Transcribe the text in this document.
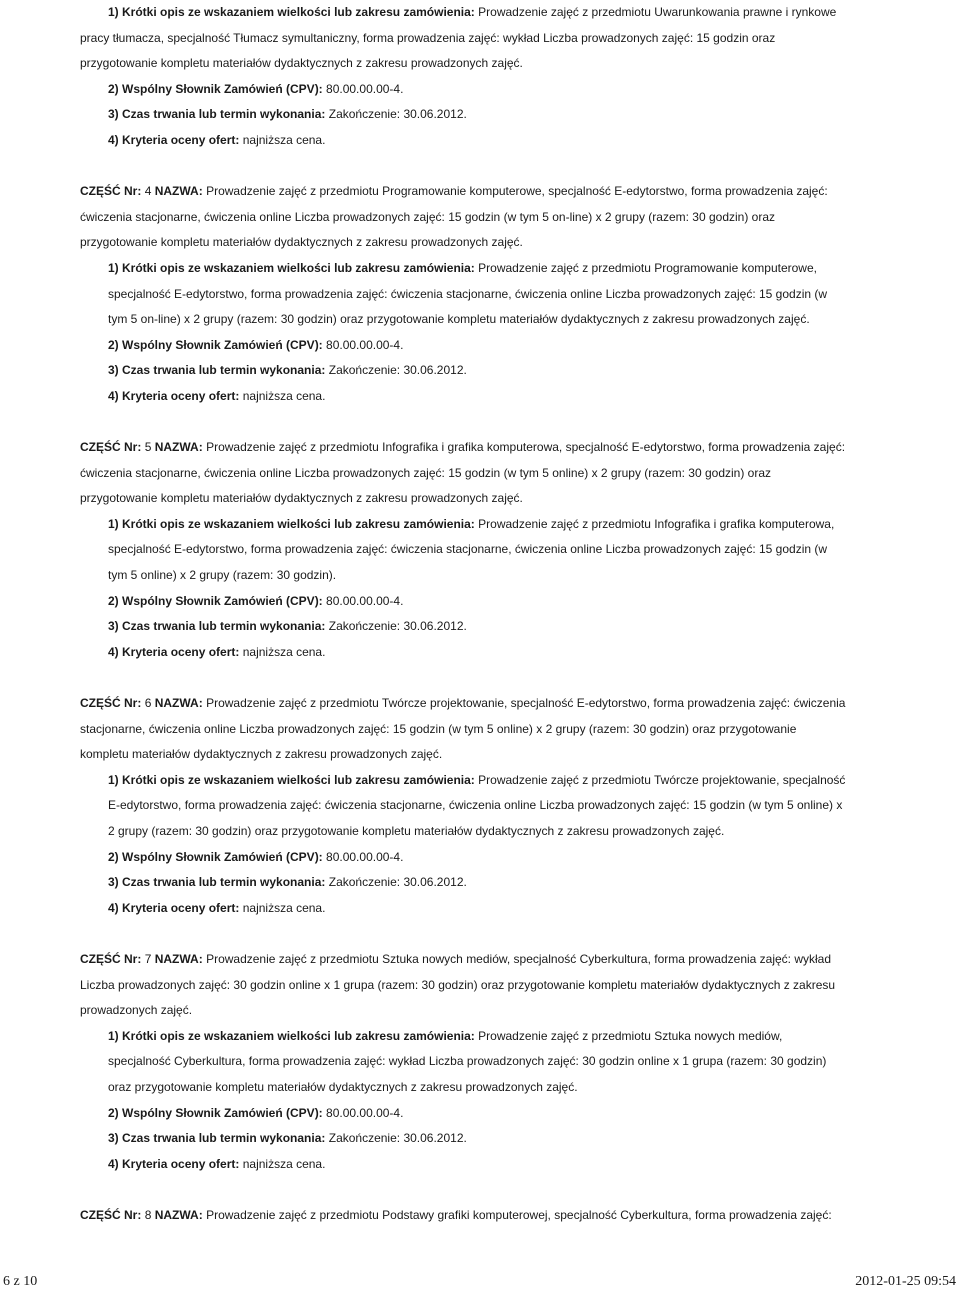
1) Krótki opis ze wskazaniem wielkości lub zakresu zamówienia: Prowadzenie zajęć z przedmiotu Uwarunkowania prawne i rynkowe

pracy tłumacza, specjalność Tłumacz symultaniczny, forma prowadzenia zajęć: wykład Liczba prowadzonych zajęć: 15 godzin oraz

przygotowanie kompletu materiałów dydaktycznych z zakresu prowadzonych zajęć.

2) Wspólny Słownik Zamówień (CPV): 80.00.00.00-4.

3) Czas trwania lub termin wykonania: Zakończenie: 30.06.2012.

4) Kryteria oceny ofert: najniższa cena.

CZĘŚĆ Nr: 4 NAZWA: Prowadzenie zajęć z przedmiotu Programowanie komputerowe, specjalność E-edytorstwo, forma prowadzenia zajęć:

ćwiczenia stacjonarne, ćwiczenia online Liczba prowadzonych zajęć: 15 godzin (w tym 5 on-line) x 2 grupy (razem: 30 godzin) oraz

przygotowanie kompletu materiałów dydaktycznych z zakresu prowadzonych zajęć.

1) Krótki opis ze wskazaniem wielkości lub zakresu zamówienia: Prowadzenie zajęć z przedmiotu Programowanie komputerowe,

specjalność E-edytorstwo, forma prowadzenia zajęć: ćwiczenia stacjonarne, ćwiczenia online Liczba prowadzonych zajęć: 15 godzin (w

tym 5 on-line) x 2 grupy (razem: 30 godzin) oraz przygotowanie kompletu materiałów dydaktycznych z zakresu prowadzonych zajęć.

2) Wspólny Słownik Zamówień (CPV): 80.00.00.00-4.

3) Czas trwania lub termin wykonania: Zakończenie: 30.06.2012.

4) Kryteria oceny ofert: najniższa cena.

CZĘŚĆ Nr: 5 NAZWA: Prowadzenie zajęć z przedmiotu Infografika i grafika komputerowa, specjalność E-edytorstwo, forma prowadzenia zajęć:

ćwiczenia stacjonarne, ćwiczenia online Liczba prowadzonych zajęć: 15 godzin (w tym 5 online) x 2 grupy (razem: 30 godzin) oraz

przygotowanie kompletu materiałów dydaktycznych z zakresu prowadzonych zajęć.

1) Krótki opis ze wskazaniem wielkości lub zakresu zamówienia: Prowadzenie zajęć z przedmiotu Infografika i grafika komputerowa,

specjalność E-edytorstwo, forma prowadzenia zajęć: ćwiczenia stacjonarne, ćwiczenia online Liczba prowadzonych zajęć: 15 godzin (w

tym 5 online) x 2 grupy (razem: 30 godzin).

2) Wspólny Słownik Zamówień (CPV): 80.00.00.00-4.

3) Czas trwania lub termin wykonania: Zakończenie: 30.06.2012.

4) Kryteria oceny ofert: najniższa cena.

CZĘŚĆ Nr: 6 NAZWA: Prowadzenie zajęć z przedmiotu Twórcze projektowanie, specjalność E-edytorstwo, forma prowadzenia zajęć: ćwiczenia

stacjonarne, ćwiczenia online Liczba prowadzonych zajęć: 15 godzin (w tym 5 online) x 2 grupy (razem: 30 godzin) oraz przygotowanie

kompletu materiałów dydaktycznych z zakresu prowadzonych zajęć.

1) Krótki opis ze wskazaniem wielkości lub zakresu zamówienia: Prowadzenie zajęć z przedmiotu Twórcze projektowanie, specjalność

E-edytorstwo, forma prowadzenia zajęć: ćwiczenia stacjonarne, ćwiczenia online Liczba prowadzonych zajęć: 15 godzin (w tym 5 online) x

2 grupy (razem: 30 godzin) oraz przygotowanie kompletu materiałów dydaktycznych z zakresu prowadzonych zajęć.

2) Wspólny Słownik Zamówień (CPV): 80.00.00.00-4.

3) Czas trwania lub termin wykonania: Zakończenie: 30.06.2012.

4) Kryteria oceny ofert: najniższa cena.

CZĘŚĆ Nr: 7 NAZWA: Prowadzenie zajęć z przedmiotu Sztuka nowych mediów, specjalność Cyberkultura, forma prowadzenia zajęć: wykład

Liczba prowadzonych zajęć: 30 godzin online x 1 grupa (razem: 30 godzin) oraz przygotowanie kompletu materiałów dydaktycznych z zakresu

prowadzonych zajęć.

1) Krótki opis ze wskazaniem wielkości lub zakresu zamówienia: Prowadzenie zajęć z przedmiotu Sztuka nowych mediów,

specjalność Cyberkultura, forma prowadzenia zajęć: wykład Liczba prowadzonych zajęć: 30 godzin online x 1 grupa (razem: 30 godzin)

oraz przygotowanie kompletu materiałów dydaktycznych z zakresu prowadzonych zajęć.

2) Wspólny Słownik Zamówień (CPV): 80.00.00.00-4.

3) Czas trwania lub termin wykonania: Zakończenie: 30.06.2012.

4) Kryteria oceny ofert: najniższa cena.

CZĘŚĆ Nr: 8 NAZWA: Prowadzenie zajęć z przedmiotu Podstawy grafiki komputerowej, specjalność Cyberkultura, forma prowadzenia zajęć:

6 z 10	2012-01-25 09:54
